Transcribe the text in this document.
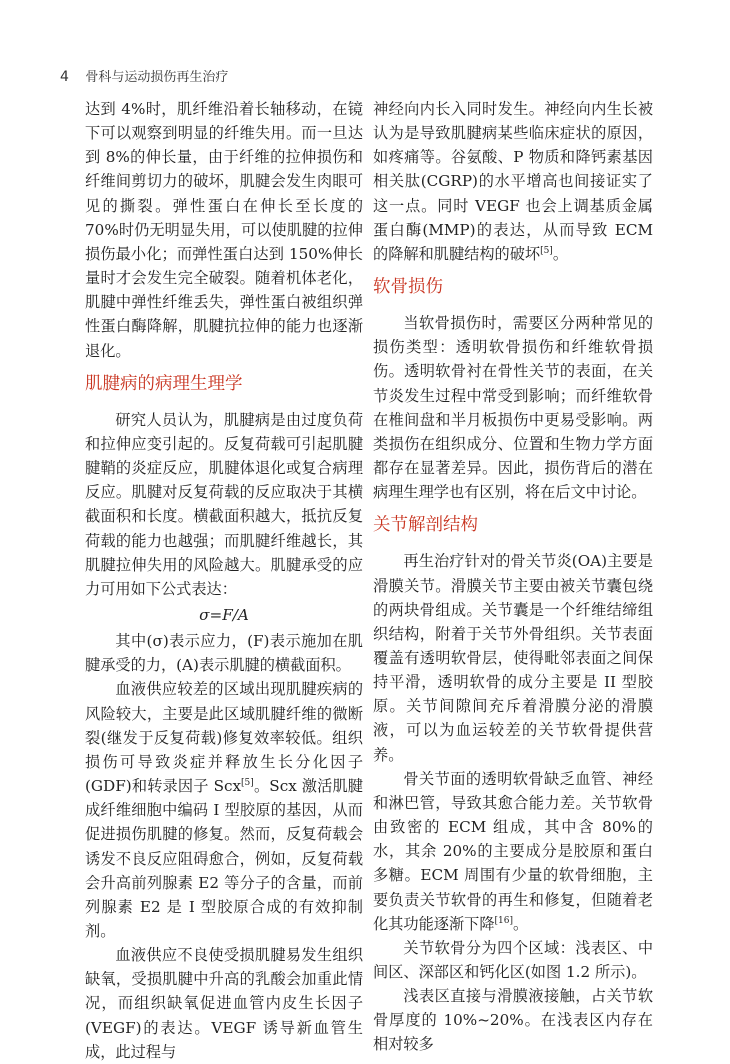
4 骨科与运动损伤再生治疗

达到 4%时，肌纤维沿着长轴移动，在镜下可以观察到明显的纤维失用。而一旦达到 8%的伸长量，由于纤维的拉伸损伤和纤维间剪切力的破坏，肌腱会发生肉眼可见的撕裂。弹性蛋白在伸长至长度的 70%时仍无明显失用，可以使肌腱的拉伸损伤最小化；而弹性蛋白达到 150%伸长量时才会发生完全破裂。随着机体老化，肌腱中弹性纤维丢失，弹性蛋白被组织弹性蛋白酶降解，肌腱抗拉伸的能力也逐渐退化。

肌腱病的病理生理学

研究人员认为，肌腱病是由过度负荷和拉伸应变引起的。反复荷载可引起肌腱腱鞘的炎症反应，肌腱体退化或复合病理反应。肌腱对反复荷载的反应取决于其横截面积和长度。横截面积越大，抵抗反复荷载的能力也越强；而肌腱纤维越长，其肌腱拉伸失用的风险越大。肌腱承受的应力可用如下公式表达：

σ=F/A

其中(σ)表示应力，(F)表示施加在肌腱承受的力，(A)表示肌腱的横截面积。

血液供应较差的区域出现肌腱疾病的风险较大，主要是此区域肌腱纤维的微断裂(继发于反复荷载)修复效率较低。组织损伤可导致炎症并释放生长分化因子(GDF)和转录因子 Scx[5]。Scx 激活肌腱成纤维细胞中编码 I 型胶原的基因，从而促进损伤肌腱的修复。然而，反复荷载会诱发不良反应阻碍愈合，例如，反复荷载会升高前列腺素 E2 等分子的含量，而前列腺素 E2 是 I 型胶原合成的有效抑制剂。

血液供应不良使受损肌腱易发生组织缺氧，受损肌腱中升高的乳酸会加重此情况，而组织缺氧促进血管内皮生长因子(VEGF)的表达。VEGF 诱导新血管生成，此过程与

神经向内长入同时发生。神经向内生长被认为是导致肌腱病某些临床症状的原因，如疼痛等。谷氨酸、P 物质和降钙素基因相关肽(CGRP)的水平增高也间接证实了这一点。同时 VEGF 也会上调基质金属蛋白酶(MMP)的表达，从而导致 ECM 的降解和肌腱结构的破坏[5]。

软骨损伤

当软骨损伤时，需要区分两种常见的损伤类型：透明软骨损伤和纤维软骨损伤。透明软骨衬在骨性关节的表面，在关节炎发生过程中常受到影响；而纤维软骨在椎间盘和半月板损伤中更易受影响。两类损伤在组织成分、位置和生物力学方面都存在显著差异。因此，损伤背后的潜在病理生理学也有区别，将在后文中讨论。

关节解剖结构

再生治疗针对的骨关节炎(OA)主要是滑膜关节。滑膜关节主要由被关节囊包绕的两块骨组成。关节囊是一个纤维结缔组织结构，附着于关节外骨组织。关节表面覆盖有透明软骨层，使得毗邻表面之间保持平滑，透明软骨的成分主要是 II 型胶原。关节间隙间充斥着滑膜分泌的滑膜液，可以为血运较差的关节软骨提供营养。

骨关节面的透明软骨缺乏血管、神经和淋巴管，导致其愈合能力差。关节软骨由致密的 ECM 组成，其中含 80%的水，其余 20%的主要成分是胶原和蛋白多糖。ECM 周围有少量的软骨细胞，主要负责关节软骨的再生和修复，但随着老化其功能逐渐下降[16]。

关节软骨分为四个区域：浅表区、中间区、深部区和钙化区(如图 1.2 所示)。

浅表区直接与滑膜液接触，占关节软骨厚度的 10%~20%。在浅表区内存在相对较多
